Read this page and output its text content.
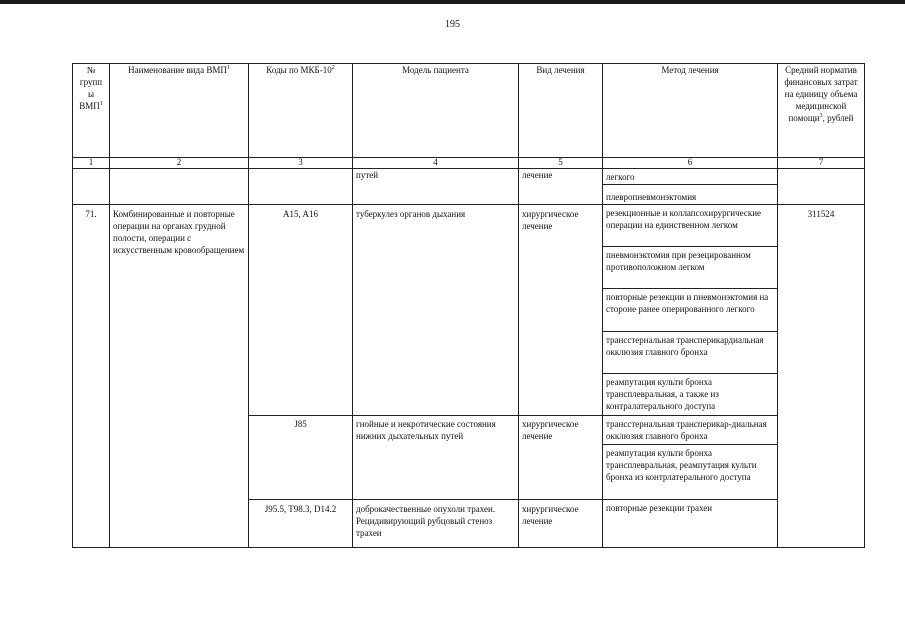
195
№ групп ы ВМП$^1$	Наименование вида ВМП$^1$	Коды по МКБ-$10^2$	Модель пациента	Вид лечения	Метод лечения	Средний норматив финансовых затрат на единицу объема медицинской помощи$^3$, рублей
1	2	3	4	5	6	7
			путей	лечение	легкого
плевропневмонэктомия	

71.	Комбинированные и повторные операции на органах грудной полости, операции с искусственным кровообращением	A15, A16	туберкулез органов дыхания	хирургическое лечение	резекционные и коллапсохирургические операции на единственном легком
пневмонэктомия при резецированном противоположном легком
повторные резекции и пневмонэктомия на стороне ранее оперированного легкого
трансстернальная трансперикардиальная окклюзия главного бронха
реампутация культи бронха трансплевральная, а также из контралатерального доступа	311524
		J85	гнойные и некротические состояния нижних дыхательных путей	хирургическое лечение	трансстернальная трансперикар-диальная окклюзия главного бронха
реампутация культи бронха трансплевральная, реампутация культи бронха из контрлатерального доступа	

		J95.5, T98.3, D14.2	доброкачественные опухоли трахеи. Рецидивирующий рубцовый стеноз трахеи	хирургическое лечение	повторные резекции трахеи	
